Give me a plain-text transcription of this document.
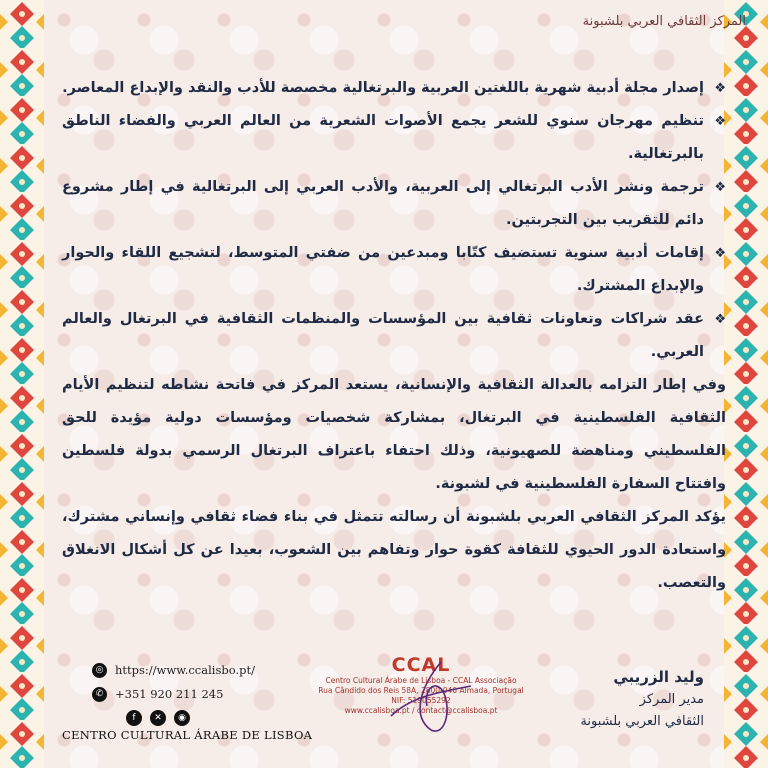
المركز الثقافي العربي بلشبونة
❖
إصدار مجلة أدبية شهرية باللغتين العربية والبرتغالية مخصصة للأدب والنقد والإبداع المعاصر.
❖
تنظيم مهرجان سنوي للشعر يجمع الأصوات الشعرية من العالم العربي والفضاء الناطق بالبرتغالية.
❖
ترجمة ونشر الأدب البرتغالي إلى العربية، والأدب العربي إلى البرتغالية في إطار مشروع دائم للتقريب بين التجربتين.
❖
إقامات أدبية سنوية تستضيف كتّابا ومبدعين من ضفتي المتوسط، لتشجيع اللقاء والحوار والإبداع المشترك.
❖
عقد شراكات وتعاونات ثقافية بين المؤسسات والمنظمات الثقافية في البرتغال والعالم العربي.

وفي إطار التزامه بالعدالة الثقافية والإنسانية، يستعد المركز في فاتحة نشاطه لتنظيم الأيام الثقافية الفلسطينية في البرتغال، بمشاركة شخصيات ومؤسسات دولية مؤيدة للحق الفلسطيني ومناهضة للصهيونية، وذلك احتفاء باعتراف البرتغال الرسمي بدولة فلسطين وافتتاح السفارة الفلسطينية في لشبونة.

يؤكد المركز الثقافي العربي بلشبونة أن رسالته تتمثل في بناء فضاء ثقافي وإنساني مشترك، واستعادة الدور الحيوي للثقافة كقوة حوار وتفاهم بين الشعوب، بعيدا عن كل أشكال الانغلاق والتعصب.

◎	https://www.ccalisbo.pt/
✆	+351 920 211 245
f	✕	◉
CENTRO CULTURAL ÁRABE DE LISBOA
CCAL
Centro Cultural Árabe de Lisboa - CCAL Associação
Rua Cândido dos Reis 58A, 2800-046 Almada, Portugal
NIF: 519055292
www.ccalisboa.pt / contact@ccalisboa.pt
وليد الزريبي
مدير المركز
الثقافي العربي بلشبونة
